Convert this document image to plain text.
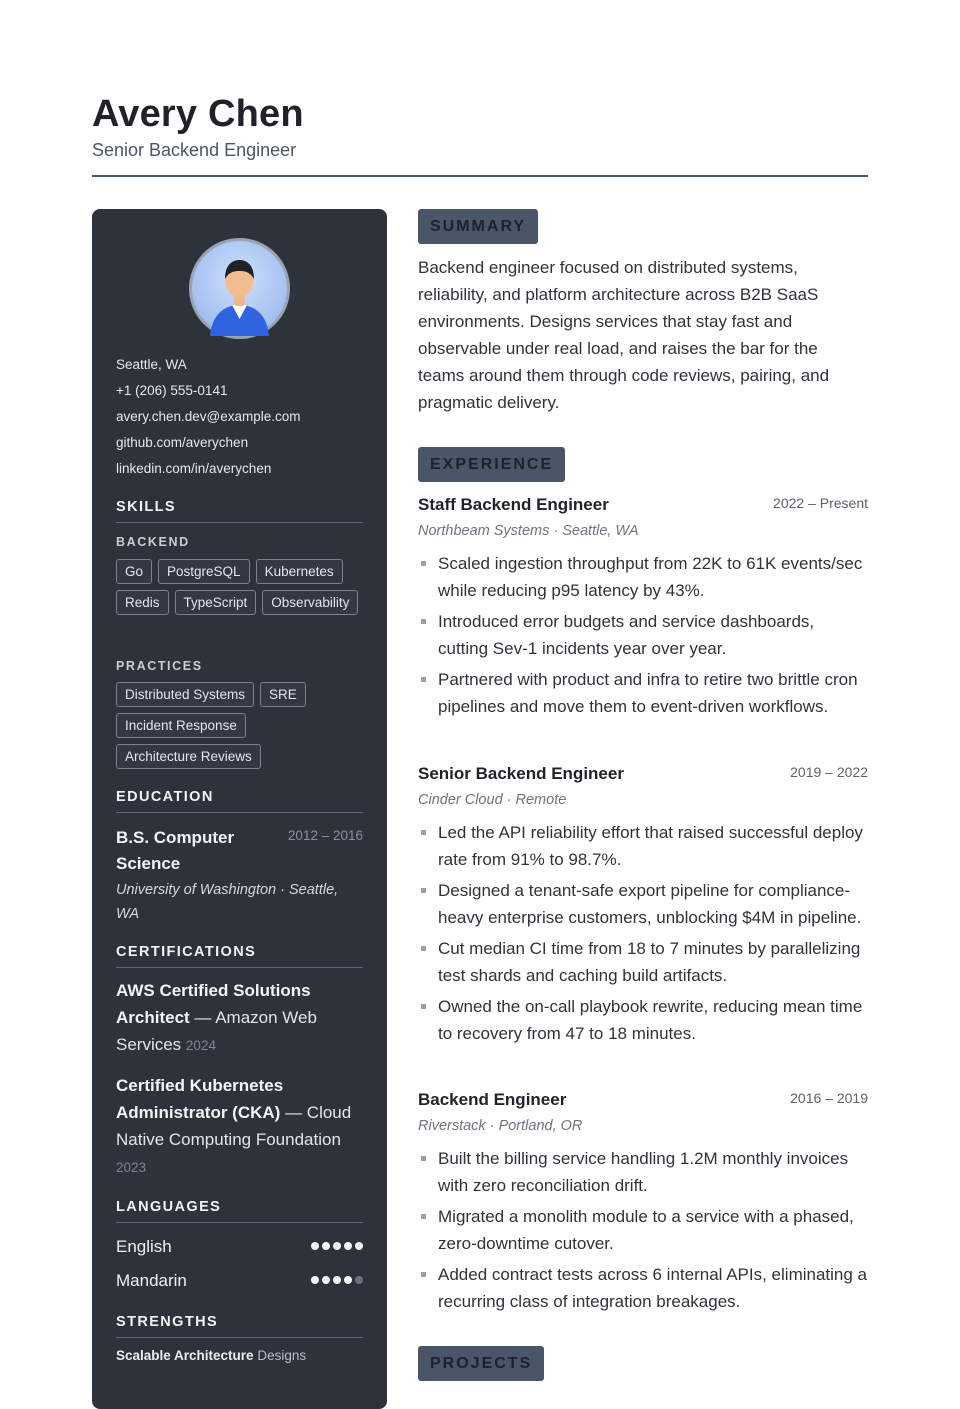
Avery Chen
Senior Backend Engineer
Seattle, WA
+1 (206) 555-0141
avery.chen.dev@example.com
github.com/averychen
linkedin.com/in/averychen
SKILLS
BACKEND
Go	PostgreSQL	Kubernetes
Redis	TypeScript	Observability
PRACTICES
Distributed Systems	SRE
Incident Response
Architecture Reviews
EDUCATION
B.S. Computer Science
2012 – 2016
University of Washington · Seattle, WA
CERTIFICATIONS
AWS Certified Solutions Architect — Amazon Web Services 2024
Certified Kubernetes Administrator (CKA) — Cloud Native Computing Foundation 2023
LANGUAGES
English
Mandarin
STRENGTHS
Scalable Architecture Designs
SUMMARY
Backend engineer focused on distributed systems, reliability, and platform architecture across B2B SaaS environments. Designs services that stay fast and observable under real load, and raises the bar for the teams around them through code reviews, pairing, and pragmatic delivery.
EXPERIENCE
Staff Backend Engineer	2022 – Present
Northbeam Systems · Seattle, WA
Scaled ingestion throughput from 22K to 61K events/sec while reducing p95 latency by 43%.
Introduced error budgets and service dashboards, cutting Sev-1 incidents year over year.
Partnered with product and infra to retire two brittle cron pipelines and move them to event-driven workflows.
Senior Backend Engineer	2019 – 2022
Cinder Cloud · Remote
Led the API reliability effort that raised successful deploy rate from 91% to 98.7%.
Designed a tenant-safe export pipeline for compliance-heavy enterprise customers, unblocking $4M in pipeline.
Cut median CI time from 18 to 7 minutes by parallelizing test shards and caching build artifacts.
Owned the on-call playbook rewrite, reducing mean time to recovery from 47 to 18 minutes.
Backend Engineer	2016 – 2019
Riverstack · Portland, OR
Built the billing service handling 1.2M monthly invoices with zero reconciliation drift.
Migrated a monolith module to a service with a phased, zero-downtime cutover.
Added contract tests across 6 internal APIs, eliminating a recurring class of integration breakages.
PROJECTS
